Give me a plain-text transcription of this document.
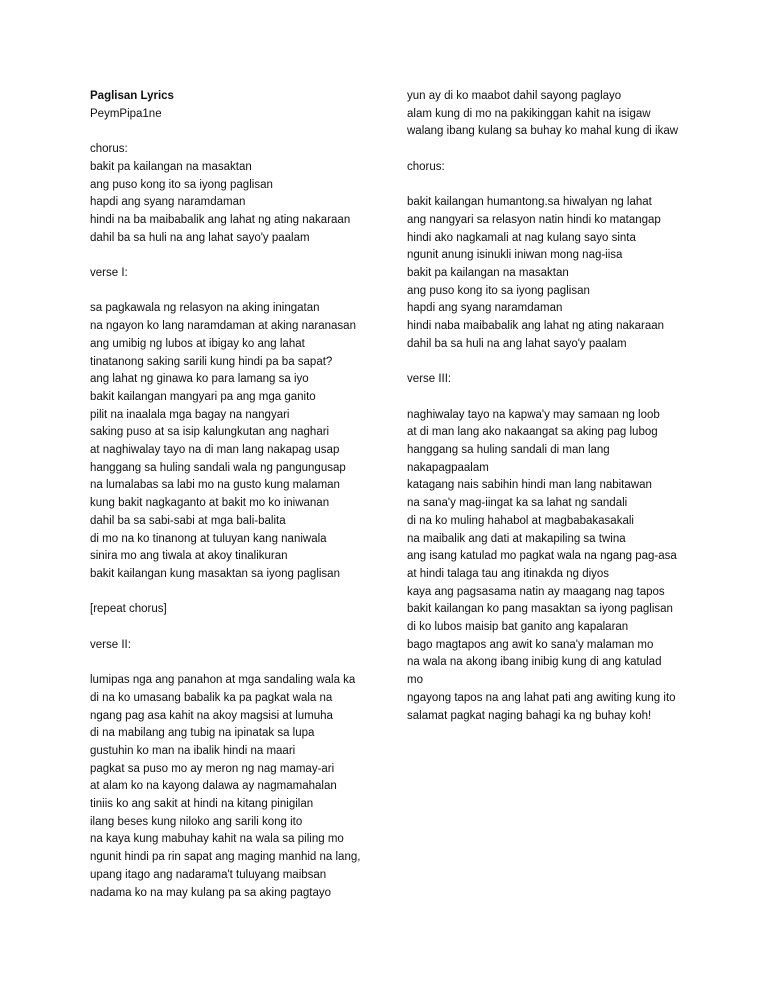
Paglisan Lyrics
PeymPipa1ne
chorus:
bakit pa kailangan na masaktan
ang puso kong ito sa iyong paglisan
hapdi ang syang naramdaman
hindi na ba maibabalik ang lahat ng ating nakaraan
dahil ba sa huli na ang lahat sayo'y paalam
verse I:
sa pagkawala ng relasyon na aking iningatan
na ngayon ko lang naramdaman at aking naranasan
ang umibig ng lubos at ibigay ko ang lahat
tinatanong saking sarili kung hindi pa ba sapat?
ang lahat ng ginawa ko para lamang sa iyo
bakit kailangan mangyari pa ang mga ganito
pilit na inaalala mga bagay na nangyari
saking puso at sa isip kalungkutan ang naghari
at naghiwalay tayo na di man lang nakapag usap
hanggang sa huling sandali wala ng pangungusap
na lumalabas sa labi mo na gusto kung malaman
kung bakit nagkaganto at bakit mo ko iniwanan
dahil ba sa sabi-sabi at mga bali-balita
di mo na ko tinanong at tuluyan kang naniwala
sinira mo ang tiwala at akoy tinalikuran
bakit kailangan kung masaktan sa iyong paglisan
[repeat chorus]
verse II:
lumipas nga ang panahon at mga sandaling wala ka
di na ko umasang babalik ka pa pagkat wala na
ngang pag asa kahit na akoy magsisi at lumuha
di na mabilang ang tubig na ipinatak sa lupa
gustuhin ko man na ibalik hindi na maari
pagkat sa puso mo ay meron ng nag mamay-ari
at alam ko na kayong dalawa ay nagmamahalan
tiniis ko ang sakit at hindi na kitang pinigilan
ilang beses kung niloko ang sarili kong ito
na kaya kung mabuhay kahit na wala sa piling mo
ngunit hindi pa rin sapat ang maging manhid na lang,
upang itago ang nadarama't tuluyang maibsan
nadama ko na may kulang pa sa aking pagtayo
yun ay di ko maabot dahil sayong paglayo
alam kung di mo na pakikinggan kahit na isigaw
walang ibang kulang sa buhay ko mahal kung di ikaw
chorus:
bakit kailangan humantong.sa hiwalyan ng lahat
ang nangyari sa relasyon natin hindi ko matangap
hindi ako nagkamali at nag kulang sayo sinta
ngunit anung isinukli iniwan mong nag-iisa
bakit pa kailangan na masaktan
ang puso kong ito sa iyong paglisan
hapdi ang syang naramdaman
hindi naba maibabalik ang lahat ng ating nakaraan
dahil ba sa huli na ang lahat sayo'y paalam
verse III:
naghiwalay tayo na kapwa'y may samaan ng loob
at di man lang ako nakaangat sa aking pag lubog
hanggang sa huling sandali di man lang
nakapagpaalam
katagang nais sabihin hindi man lang nabitawan
na sana'y mag-iingat ka sa lahat ng sandali
di na ko muling hahabol at magbabakasakali
na maibalik ang dati at makapiling sa twina
ang isang katulad mo pagkat wala na ngang pag-asa
at hindi talaga tau ang itinakda ng diyos
kaya ang pagsasama natin ay maagang nag tapos
bakit kailangan ko pang masaktan sa iyong paglisan
di ko lubos maisip bat ganito ang kapalaran
bago magtapos ang awit ko sana'y malaman mo
na wala na akong ibang inibig kung di ang katulad
mo
ngayong tapos na ang lahat pati ang awiting kung ito
salamat pagkat naging bahagi ka ng buhay koh!
